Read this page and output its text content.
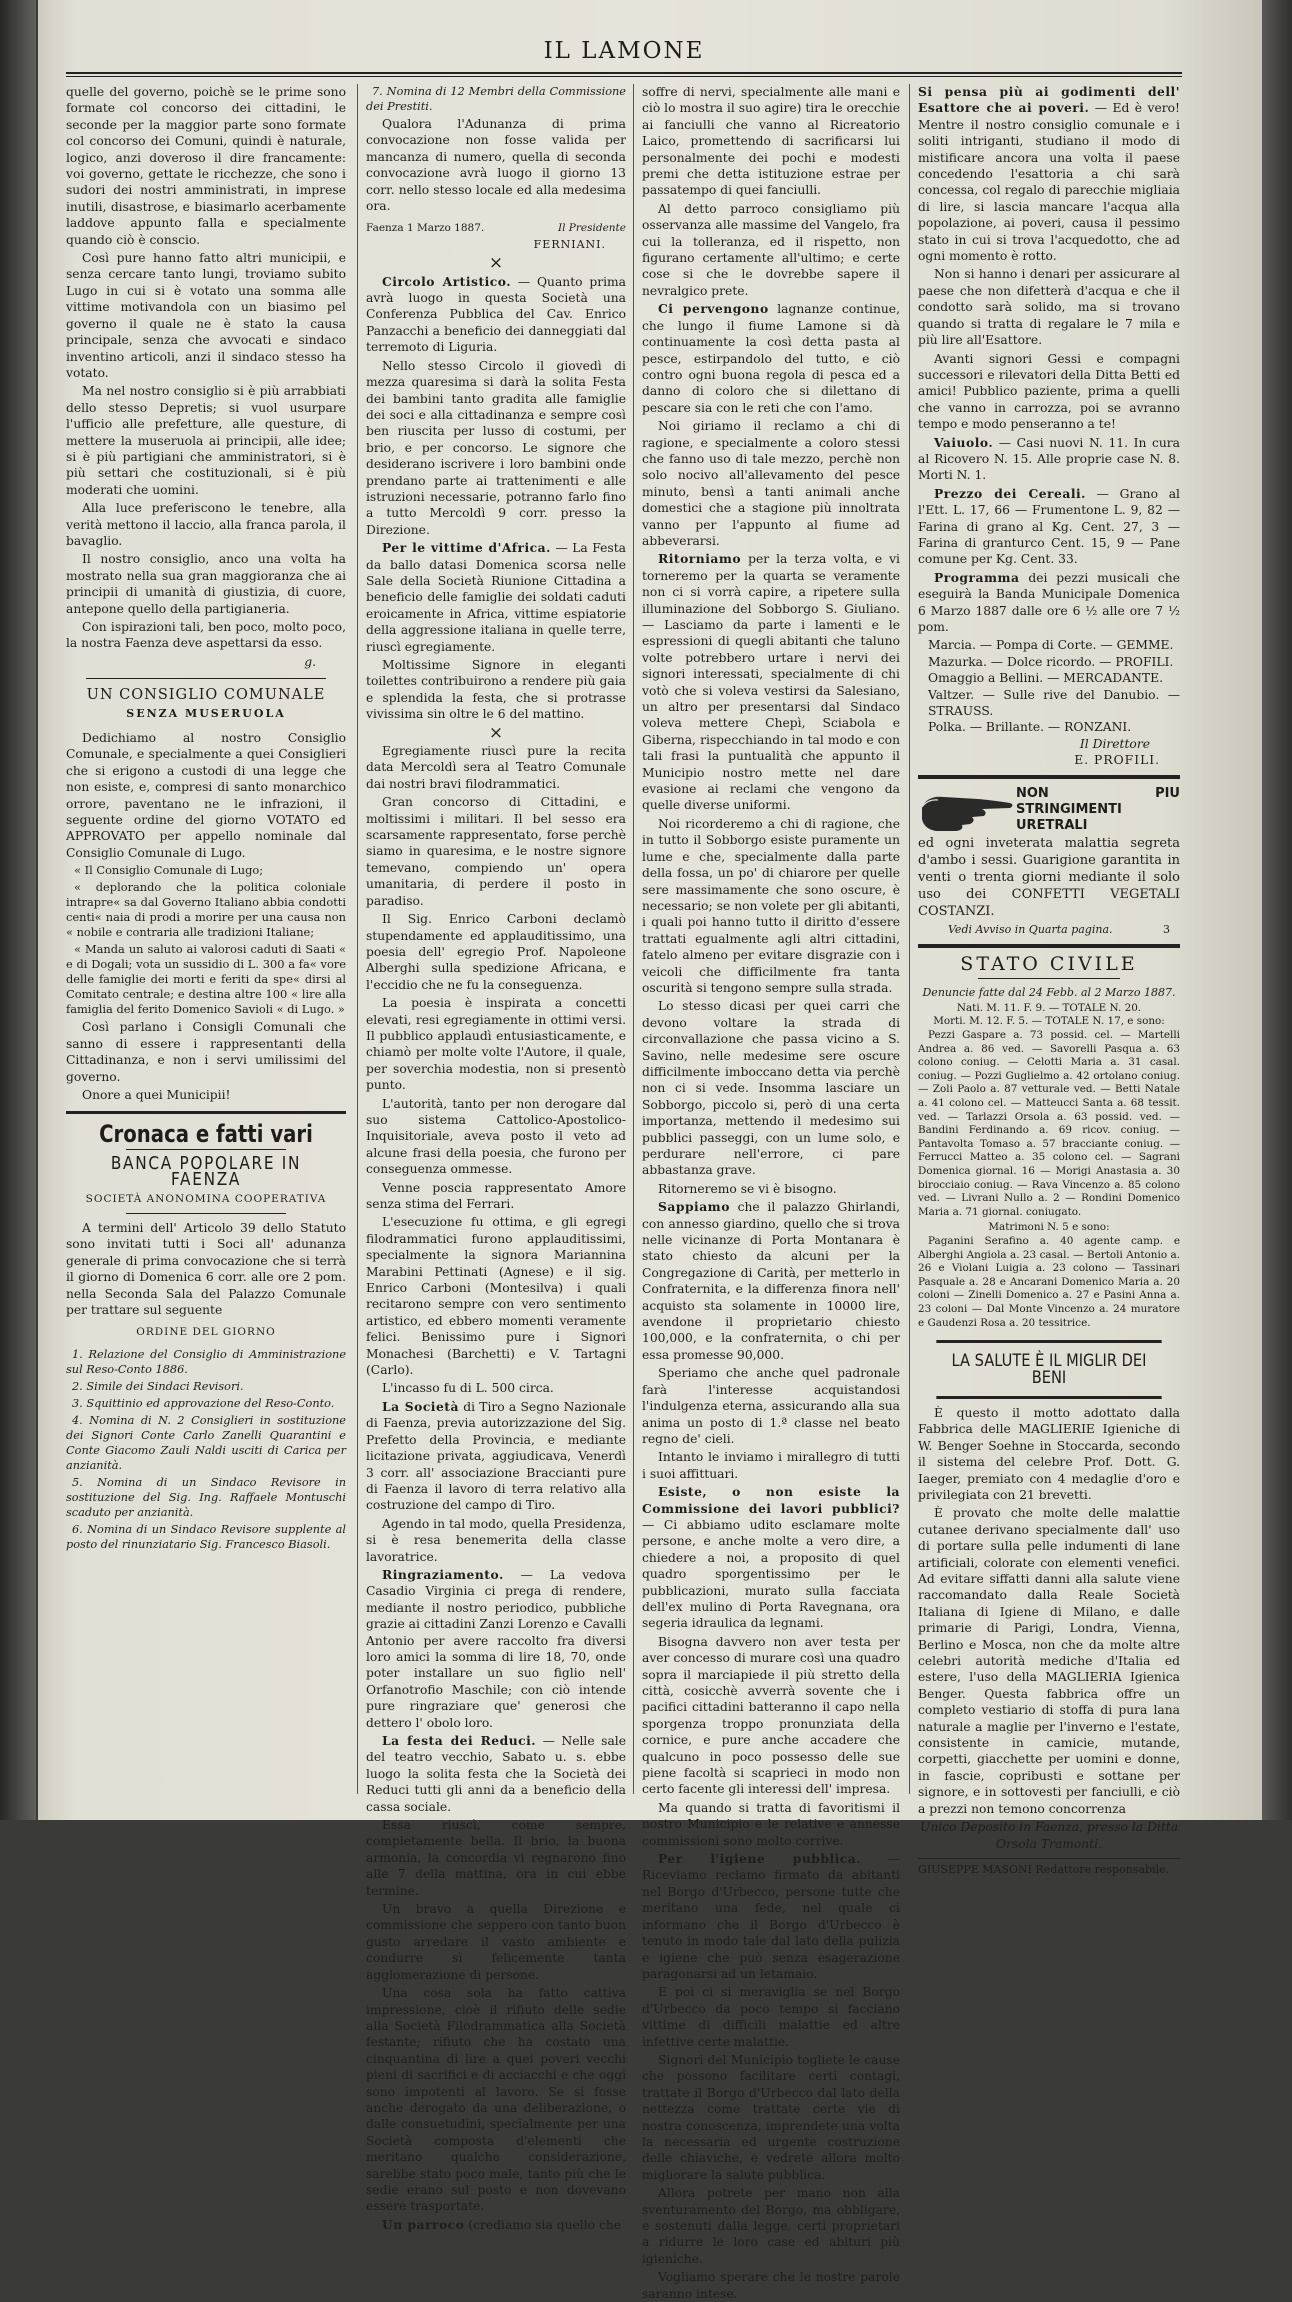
IL LAMONE

quelle del governo, poichè se le prime sono formate col concorso dei cittadini, le seconde per la maggior parte sono formate col concorso dei Comuni, quindi è naturale, logico, anzi doveroso il dire francamente: voi governo, gettate le ricchezze, che sono i sudori dei nostri amministrati, in imprese inutili, disastrose, e biasimarlo acerbamente laddove appunto falla e specialmente quando ciò è conscio.

Così pure hanno fatto altri municipii, e senza cercare tanto lungi, troviamo subito Lugo in cui si è votato una somma alle vittime motivandola con un biasimo pel governo il quale ne è stato la causa principale, senza che avvocati e sindaco inventino articoli, anzi il sindaco stesso ha votato.

Ma nel nostro consiglio si è più arrabbiati dello stesso Depretis; si vuol usurpare l'ufficio alle prefetture, alle questure, di mettere la museruola ai principii, alle idee; si è più partigiani che amministratori, si è più settari che costituzionali, si è più moderati che uomini.

Alla luce preferiscono le tenebre, alla verità mettono il laccio, alla franca parola, il bavaglio.

Il nostro consiglio, anco una volta ha mostrato nella sua gran maggioranza che ai principii di umanità di giustizia, di cuore, antepone quello della partigianeria.

Con ispirazioni tali, ben poco, molto poco, la nostra Faenza deve aspettarsi da esso.

g.
UN CONSIGLIO COMUNALE
SENZA MUSERUOLA

Dedichiamo al nostro Consiglio Comunale, e specialmente a quei Consiglieri che si erigono a custodi di una legge che non esiste, e, compresi di santo monarchico orrore, paventano ne le infrazioni, il seguente ordine del giorno VOTATO ed APPROVATO per appello nominale dal Consiglio Comunale di Lugo.

« Il Consiglio Comunale di Lugo;

« deplorando che la politica coloniale intrapre« sa dal Governo Italiano abbia condotti centi« naia di prodi a morire per una causa non « nobile e contraria alle tradizioni Italiane;

« Manda un saluto ai valorosi caduti di Saati « e di Dogali; vota un sussidio di L. 300 a fa« vore delle famiglie dei morti e feriti da spe« dirsi al Comitato centrale; e destina altre 100 « lire alla famiglia del ferito Domenico Savioli « di Lugo. »

Così parlano i Consigli Comunali che sanno di essere i rappresentanti della Cittadinanza, e non i servi umilissimi del governo.

Onore a quei Municipii!

Cronaca e fatti vari
BANCA POPOLARE IN FAENZA
SOCIETÀ ANONOMINA COOPERATIVA

A termini dell' Articolo 39 dello Statuto sono invitati tutti i Soci all' adunanza generale di prima convocazione che si terrà il giorno di Domenica 6 corr. alle ore 2 pom. nella Seconda Sala del Palazzo Comunale per trattare sul seguente

ORDINE DEL GIORNO

1. Relazione del Consiglio di Amministrazione sul Reso-Conto 1886.

2. Simile dei Sindaci Revisori.

3. Squittinio ed approvazione del Reso-Conto.

4. Nomina di N. 2 Consiglieri in sostituzione dei Signori Conte Carlo Zanelli Quarantini e Conte Giacomo Zauli Naldi usciti di Carica per anzianità.

5. Nomina di un Sindaco Revisore in sostituzione del Sig. Ing. Raffaele Montuschi scaduto per anzianità.

6. Nomina di un Sindaco Revisore supplente al posto del rinunziatario Sig. Francesco Biasoli.

7. Nomina di 12 Membri della Commissione dei Prestiti.

Qualora l'Adunanza di prima convocazione non fosse valida per mancanza di numero, quella di seconda convocazione avrà luogo il giorno 13 corr. nello stesso locale ed alla medesima ora.

Faenza 1 Marzo 1887.	Il Presidente
FERNIANI.
×

Circolo Artistico. — Quanto prima avrà luogo in questa Società una Conferenza Pubblica del Cav. Enrico Panzacchi a beneficio dei danneggiati dal terremoto di Liguria.

Nello stesso Circolo il giovedì di mezza quaresima si darà la solita Festa dei bambini tanto gradita alle famiglie dei soci e alla cittadinanza e sempre così ben riuscita per lusso di costumi, per brio, e per concorso. Le signore che desiderano iscrivere i loro bambini onde prendano parte ai trattenimenti e alle istruzioni necessarie, potranno farlo fino a tutto Mercoldì 9 corr. presso la Direzione.

Per le vittime d'Africa. — La Festa da ballo datasi Domenica scorsa nelle Sale della Società Riunione Cittadina a beneficio delle famiglie dei soldati caduti eroicamente in Africa, vittime espiatorie della aggressione italiana in quelle terre, riuscì egregiamente.

Moltissime Signore in eleganti toilettes contribuirono a rendere più gaia e splendida la festa, che si protrasse vivissima sin oltre le 6 del mattino.

×

Egregiamente riuscì pure la recita data Mercoldì sera al Teatro Comunale dai nostri bravi filodrammatici.

Gran concorso di Cittadini, e moltissimi i militari. Il bel sesso era scarsamente rappresentato, forse perchè siamo in quaresima, e le nostre signore temevano, compiendo un' opera umanitaria, di perdere il posto in paradiso.

Il Sig. Enrico Carboni declamò stupendamente ed applauditissimo, una poesia dell' egregio Prof. Napoleone Alberghi sulla spedizione Africana, e l'eccidio che ne fu la conseguenza.

La poesia è inspirata a concetti elevati, resi egregiamente in ottimi versi. Il pubblico applaudì entusiasticamente, e chiamò per molte volte l'Autore, il quale, per soverchia modestia, non si presentò punto.

L'autorità, tanto per non derogare dal suo sistema Cattolico-Apostolico-Inquisitoriale, aveva posto il veto ad alcune frasi della poesia, che furono per conseguenza ommesse.

Venne poscia rappresentato Amore senza stima del Ferrari.

L'esecuzione fu ottima, e gli egregi filodrammatici furono applauditissimi, specialmente la signora Mariannina Marabini Pettinati (Agnese) e il sig. Enrico Carboni (Montesilva) i quali recitarono sempre con vero sentimento artistico, ed ebbero momenti veramente felici. Benissimo pure i Signori Monachesi (Barchetti) e V. Tartagni (Carlo).

L'incasso fu di L. 500 circa.

La Società di Tiro a Segno Nazionale di Faenza, previa autorizzazione del Sig. Prefetto della Provincia, e mediante licitazione privata, aggiudicava, Venerdì 3 corr. all' associazione Braccianti pure di Faenza il lavoro di terra relativo alla costruzione del campo di Tiro.

Agendo in tal modo, quella Presidenza, si è resa benemerita della classe lavoratrice.

Ringraziamento. — La vedova Casadio Virginia ci prega di rendere, mediante il nostro periodico, pubbliche grazie ai cittadini Zanzi Lorenzo e Cavalli Antonio per avere raccolto fra diversi loro amici la somma di lire 18, 70, onde poter installare un suo figlio nell' Orfanotrofio Maschile; con ciò intende pure ringraziare que' generosi che dettero l' obolo loro.

La festa dei Reduci. — Nelle sale del teatro vecchio, Sabato u. s. ebbe luogo la solita festa che la Società dei Reduci tutti gli anni da a beneficio della cassa sociale.

Essa riuscì, come sempre, completamente bella. Il brio, la buona armonia, la concordia vi regnarono fino alle 7 della mattina, ora in cui ebbe termine.

Un bravo a quella Direzione e commissione che seppero con tanto buon gusto arredare il vasto ambiente e condurre sì felicemente tanta agglomerazione di persone.

Una cosa sola ha fatto cattiva impressione, cioè il rifiuto delle sedie alla Società Filodrammatica alla Società festante; rifiuto che ha costato una cinquantina di lire a quei poveri vecchi pieni di sacrifici e di acciacchi e che oggi sono impotenti al lavoro. Se si fosse anche derogato da una deliberazione, o dalle consuetudini, specialmente per una Società composta d'elementi che meritano qualche considerazione, sarebbe stato poco male, tanto più che le sedie erano sul posto e non dovevano essere trasportate.

Un parroco (crediamo sia quello che

soffre di nervi, specialmente alle mani e ciò lo mostra il suo agire) tira le orecchie ai fanciulli che vanno al Ricreatorio Laico, promettendo di sacrificarsi lui personalmente dei pochi e modesti premi che detta istituzione estrae per passatempo di quei fanciulli.

Al detto parroco consigliamo più osservanza alle massime del Vangelo, fra cui la tolleranza, ed il rispetto, non figurano certamente all'ultimo; e certe cose si che le dovrebbe sapere il nevralgico prete.

Ci pervengono lagnanze continue, che lungo il fiume Lamone si dà continuamente la così detta pasta al pesce, estirpandolo del tutto, e ciò contro ogni buona regola di pesca ed a danno di coloro che si dilettano di pescare sia con le reti che con l'amo.

Noi giriamo il reclamo a chi di ragione, e specialmente a coloro stessi che fanno uso di tale mezzo, perchè non solo nocivo all'allevamento del pesce minuto, bensì a tanti animali anche domestici che a stagione più innoltrata vanno per l'appunto al fiume ad abbeverarsi.

Ritorniamo per la terza volta, e vi torneremo per la quarta se veramente non ci si vorrà capire, a ripetere sulla illuminazione del Sobborgo S. Giuliano. — Lasciamo da parte i lamenti e le espressioni di quegli abitanti che taluno volte potrebbero urtare i nervi dei signori interessati, specialmente di chi votò che si voleva vestirsi da Salesiano, un altro per presentarsi dal Sindaco voleva mettere Chepì, Sciabola e Giberna, rispecchiando in tal modo e con tali frasi la puntualità che appunto il Municipio nostro mette nel dare evasione ai reclami che vengono da quelle diverse uniformi.

Noi ricorderemo a chi di ragione, che in tutto il Sobborgo esiste puramente un lume e che, specialmente dalla parte della fossa, un po' di chiarore per quelle sere massimamente che sono oscure, è necessario; se non volete per gli abitanti, i quali poi hanno tutto il diritto d'essere trattati egualmente agli altri cittadini, fatelo almeno per evitare disgrazie con i veicoli che difficilmente fra tanta oscurità si tengono sempre sulla strada.

Lo stesso dicasi per quei carri che devono voltare la strada di circonvallazione che passa vicino a S. Savino, nelle medesime sere oscure difficilmente imboccano detta via perchè non ci si vede. Insomma lasciare un Sobborgo, piccolo si, però di una certa importanza, mettendo il medesimo sui pubblici passeggi, con un lume solo, e perdurare nell'errore, ci pare abbastanza grave.

Ritorneremo se vi è bisogno.

Sappiamo che il palazzo Ghirlandi, con annesso giardino, quello che si trova nelle vicinanze di Porta Montanara è stato chiesto da alcuni per la Congregazione di Carità, per metterlo in Confraternita, e la differenza finora nell' acquisto sta solamente in 10000 lire, avendone il proprietario chiesto 100,000, e la confraternita, o chi per essa promesse 90,000.

Speriamo che anche quel padronale farà l'interesse acquistandosi l'indulgenza eterna, assicurando alla sua anima un posto di 1.ª classe nel beato regno de' cieli.

Intanto le inviamo i mirallegro di tutti i suoi affittuari.

Esiste, o non esiste la Commissione dei lavori pubblici? — Ci abbiamo udito esclamare molte persone, e anche molte a vero dire, a chiedere a noi, a proposito di quel quadro sporgentissimo per le pubblicazioni, murato sulla facciata dell'ex mulino di Porta Ravegnana, ora segeria idraulica da legnami.

Bisogna davvero non aver testa per aver concesso di murare così una quadro sopra il marciapiede il più stretto della città, cosicchè avverrà sovente che i pacifici cittadini batteranno il capo nella sporgenza troppo pronunziata della cornice, e pure anche accadere che qualcuno in poco possesso delle sue piene facoltà si scaprieci in modo non certo facente gli interessi dell' impresa.

Ma quando si tratta di favoritismi il nostro Municipio e le relative e annesse commissioni sono molto corrive.

Per l'igiene pubblica. — Riceviamo reclamo firmato da abitanti nel Borgo d'Urbecco, persone tutte che meritano una fede, nel quale ci informano che il Borgo d'Urbecco è tenuto in modo tale dal lato della pulizia e igiene che può senza esagerazione paragonarsi ad un letamaio.

E poi ci si meraviglia se nel Borgo d'Urbecco da poco tempo si facciano vittime di difficili malattie ed altre infettive certe malattie.

Signori del Municipio togliete le cause che possono facilitare certi contagi, trattate il Borgo d'Urbecco dal lato della nettezza come trattate certe vie di nostra conoscenza, imprendete una volta la necessaria ed urgente costruzione delle chiaviche, e vedrete allora molto migliorare la salute pubblica.

Allora potrete per mano non alla sventuramento del Borgo, ma obbligare, e sostenuti dalla legge, certi proprietari a ridurre le loro case ed abituri più igieniche.

Vogliamo sperare che le nostre parole saranno intese.

Si pensa più ai godimenti dell' Esattore che ai poveri. — Ed è vero! Mentre il nostro consiglio comunale e i soliti intriganti, studiano il modo di mistificare ancora una volta il paese concedendo l'esattoria a chi sarà concessa, col regalo di parecchie migliaia di lire, si lascia mancare l'acqua alla popolazione, ai poveri, causa il pessimo stato in cui si trova l'acquedotto, che ad ogni momento è rotto.

Non si hanno i denari per assicurare al paese che non difetterà d'acqua e che il condotto sarà solido, ma si trovano quando si tratta di regalare le 7 mila e più lire all'Esattore.

Avanti signori Gessi e compagni successori e rilevatori della Ditta Betti ed amici! Pubblico paziente, prima a quelli che vanno in carrozza, poi se avranno tempo e modo penseranno a te!

Vaiuolo. — Casi nuovi N. 11. In cura al Ricovero N. 15. Alle proprie case N. 8. Morti N. 1.

Prezzo dei Cereali. — Grano al l'Ett. L. 17, 66 — Frumentone L. 9, 82 — Farina di grano al Kg. Cent. 27, 3 — Farina di granturco Cent. 15, 9 — Pane comune per Kg. Cent. 33.

Programma dei pezzi musicali che eseguirà la Banda Municipale Domenica 6 Marzo 1887 dalle ore 6 ½ alle ore 7 ½ pom.

Marcia. — Pompa di Corte. — GEMME.
Mazurka. — Dolce ricordo. — PROFILI.
Omaggio a Bellini. — MERCADANTE.
Valtzer. — Sulle rive del Danubio. — STRAUSS.
Polka. — Brillante. — RONZANI.
Il Direttore
E. PROFILI.
NON PIU STRINGIMENTI URETRALI

ed ogni inveterata malattia segreta d'ambo i sessi. Guarigione garantita in venti o trenta giorni mediante il solo uso dei CONFETTI VEGETALI COSTANZI.

Vedi Avviso in Quarta pagina.	3
STATO CIVILE
Denuncie fatte dal 24 Febb. al 2 Marzo 1887.
Nati. M. 11. F. 9. — TOTALE N. 20.
Morti. M. 12. F. 5. — TOTALE N. 17, e sono:

Pezzi Gaspare a. 73 possid. cel. — Martelli Andrea a. 86 ved. — Savorelli Pasqua a. 63 colono coniug. — Celotti Maria a. 31 casal. coniug. — Pozzi Guglielmo a. 42 ortolano coniug. — Zoli Paolo a. 87 vetturale ved. — Betti Natale a. 41 colono cel. — Matteucci Santa a. 68 tessit. ved. — Tarlazzi Orsola a. 63 possid. ved. — Bandini Ferdinando a. 69 ricov. coniug. — Pantavolta Tomaso a. 57 bracciante coniug. — Ferrucci Matteo a. 35 colono cel. — Sagrani Domenica giornal. 16 — Morigi Anastasia a. 30 birocciaio coniug. — Rava Vincenzo a. 85 colono ved. — Livrani Nullo a. 2 — Rondini Domenico Maria a. 71 giornal. coniugato.

Matrimoni N. 5 e sono:

Paganini Serafino a. 40 agente camp. e Alberghi Angiola a. 23 casal. — Bertoli Antonio a. 26 e Violani Luigia a. 23 colono — Tassinari Pasquale a. 28 e Ancarani Domenico Maria a. 20 coloni — Zinelli Domenico a. 27 e Pasini Anna a. 23 coloni — Dal Monte Vincenzo a. 24 muratore e Gaudenzi Rosa a. 20 tessitrice.

LA SALUTE È IL MIGLIR DEI BENI

È questo il motto adottato dalla Fabbrica delle MAGLIERIE Igieniche di W. Benger Soehne in Stoccarda, secondo il sistema del celebre Prof. Dott. G. Iaeger, premiato con 4 medaglie d'oro e privilegiata con 21 brevetti.

È provato che molte delle malattie cutanee derivano specialmente dall' uso di portare sulla pelle indumenti di lane artificiali, colorate con elementi venefici. Ad evitare siffatti danni alla salute viene raccomandato dalla Reale Società Italiana di Igiene di Milano, e dalle primarie di Parigi, Londra, Vienna, Berlino e Mosca, non che da molte altre celebri autorità mediche d'Italia ed estere, l'uso della MAGLIERIA Igienica Benger. Questa fabbrica offre un completo vestiario di stoffa di pura lana naturale a maglie per l'inverno e l'estate, consistente in camicie, mutande, corpetti, giacchette per uomini e donne, in fascie, copribusti e sottane per signore, e in sottovesti per fanciulli, e ciò a prezzi non temono concorrenza

Unico Deposito in Faenza, presso la Ditta Orsola Tramonti.

GIUSEPPE MASONI Redattore responsabile.
